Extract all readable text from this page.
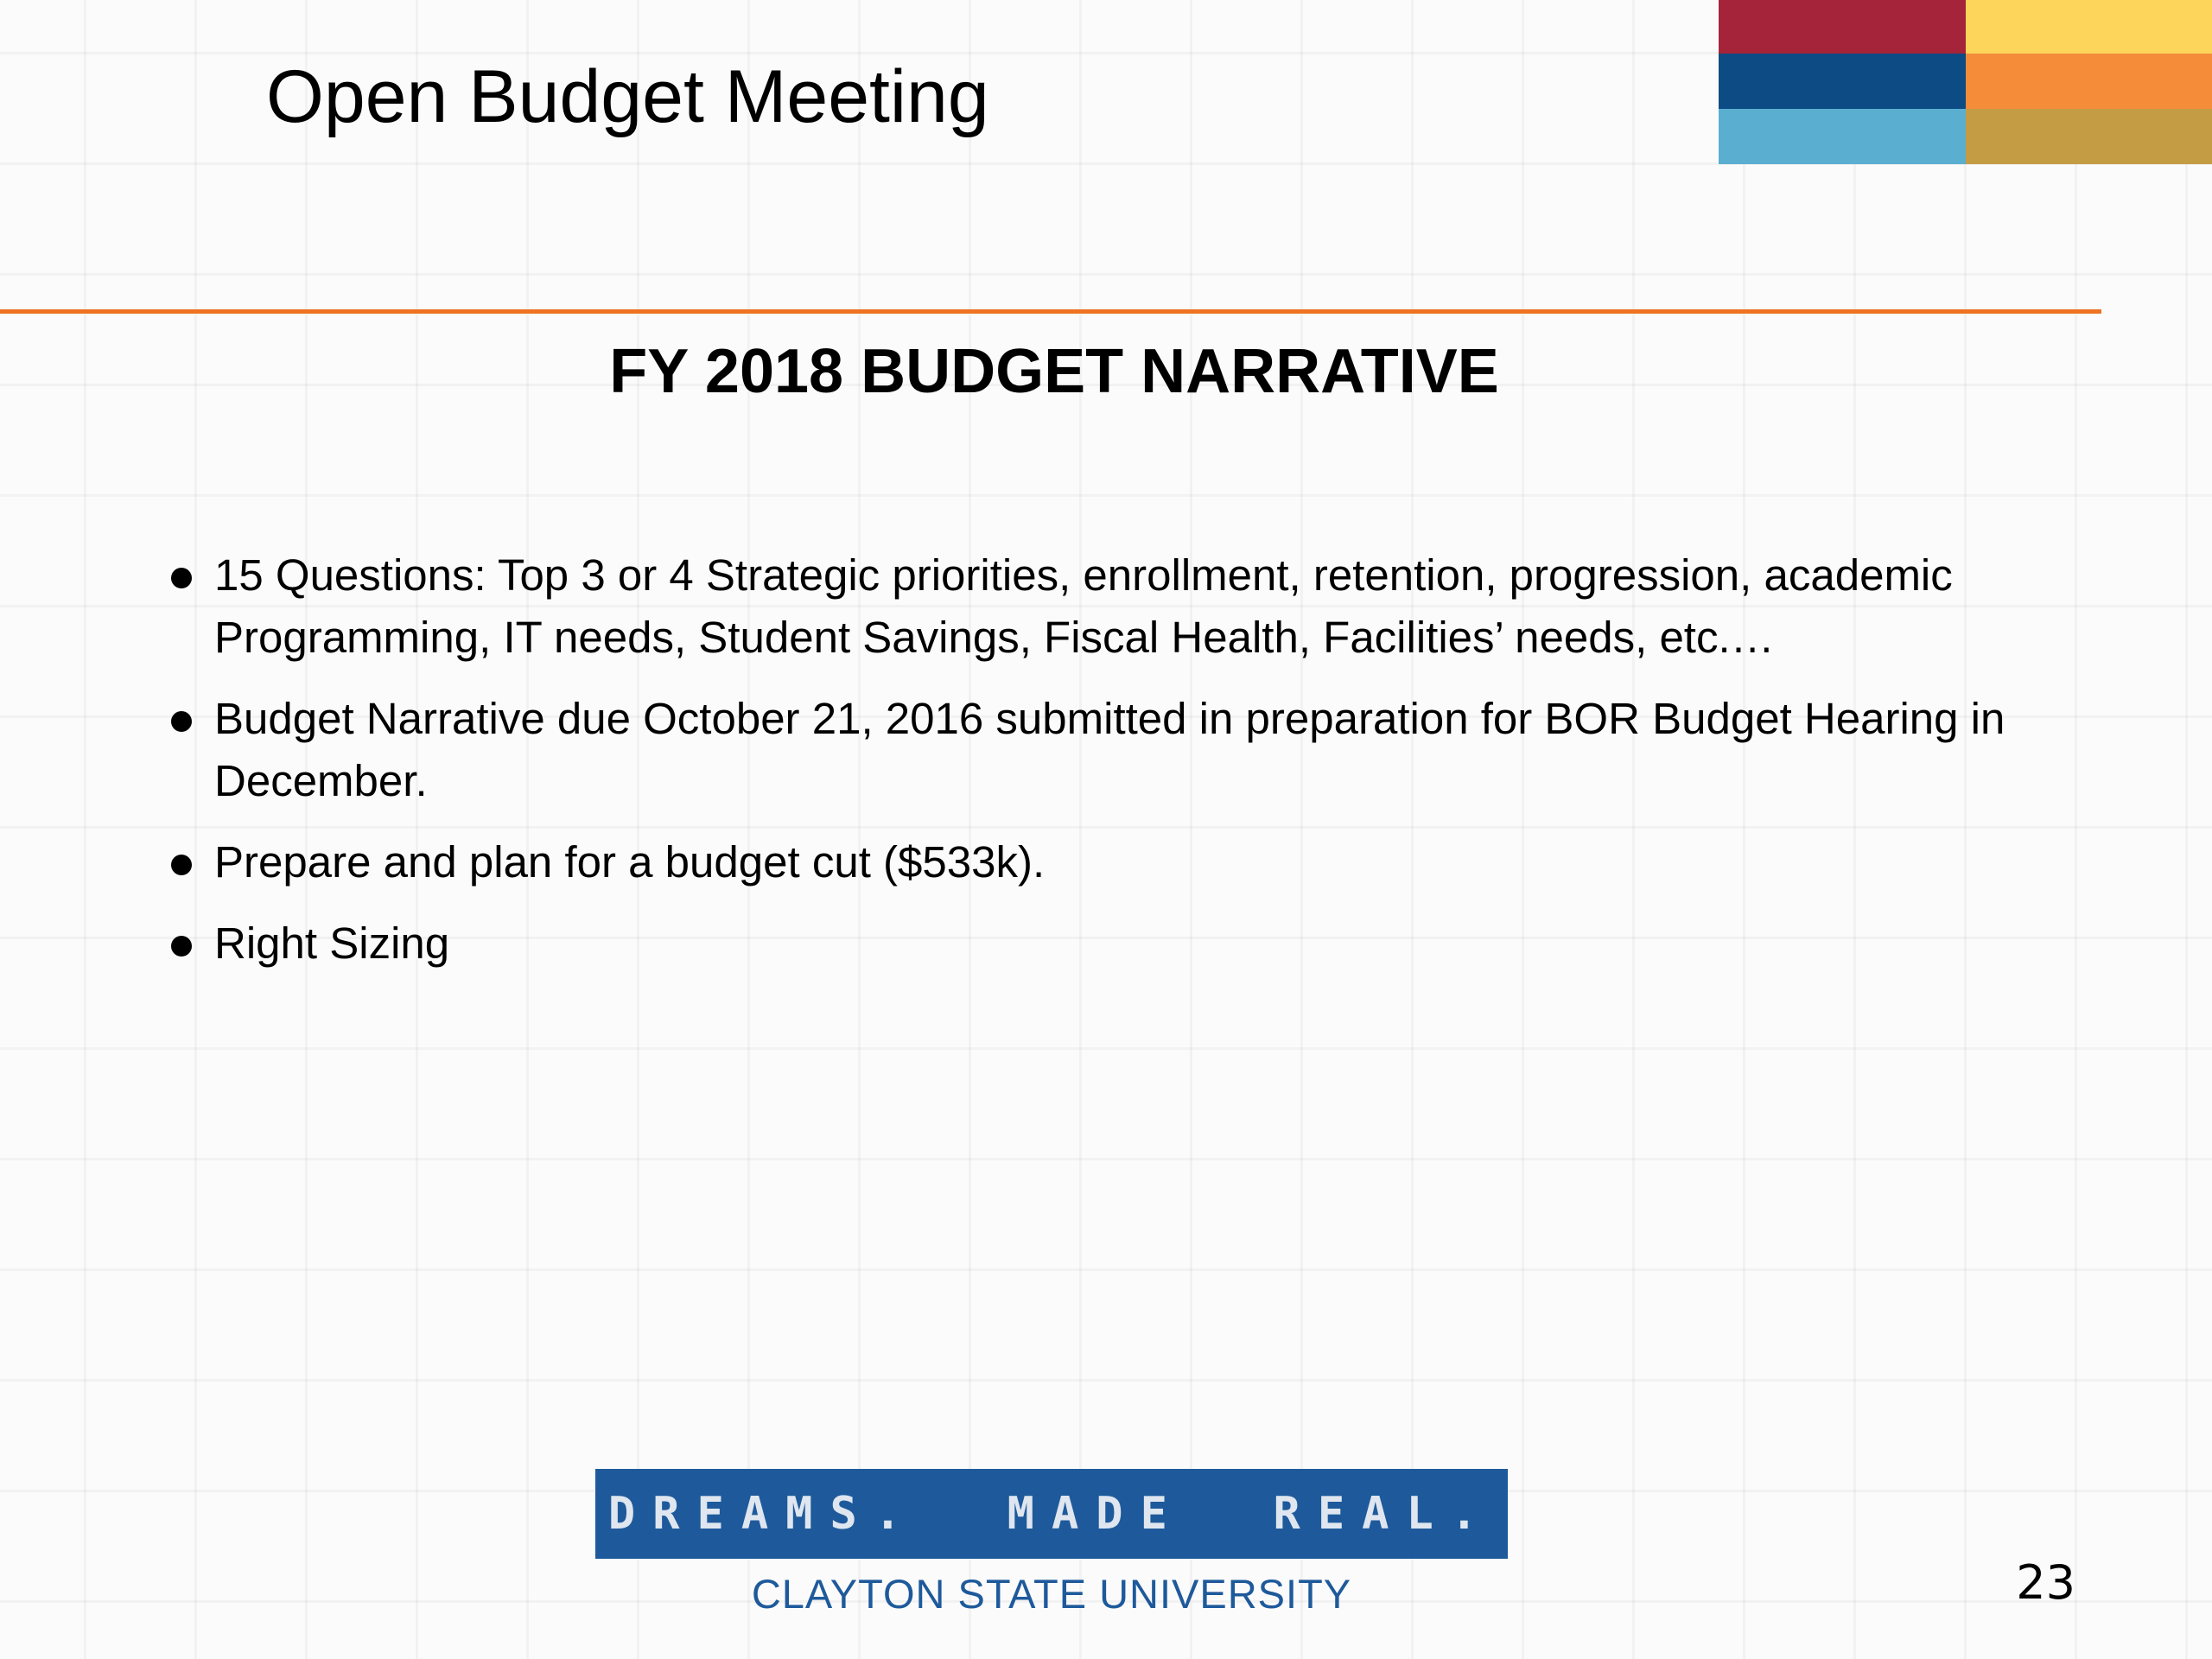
Open Budget Meeting
FY 2018 BUDGET NARRATIVE
15 Questions: Top 3 or 4 Strategic priorities, enrollment, retention, progression, academic Programming, IT needs, Student Savings, Fiscal Health, Facilities’ needs, etc.…
Budget Narrative due October 21, 2016 submitted in preparation for BOR Budget Hearing in December.
Prepare and plan for a budget cut ($533k).
Right Sizing
DREAMS.  MADE  REAL.
CLAYTON STATE UNIVERSITY	23
